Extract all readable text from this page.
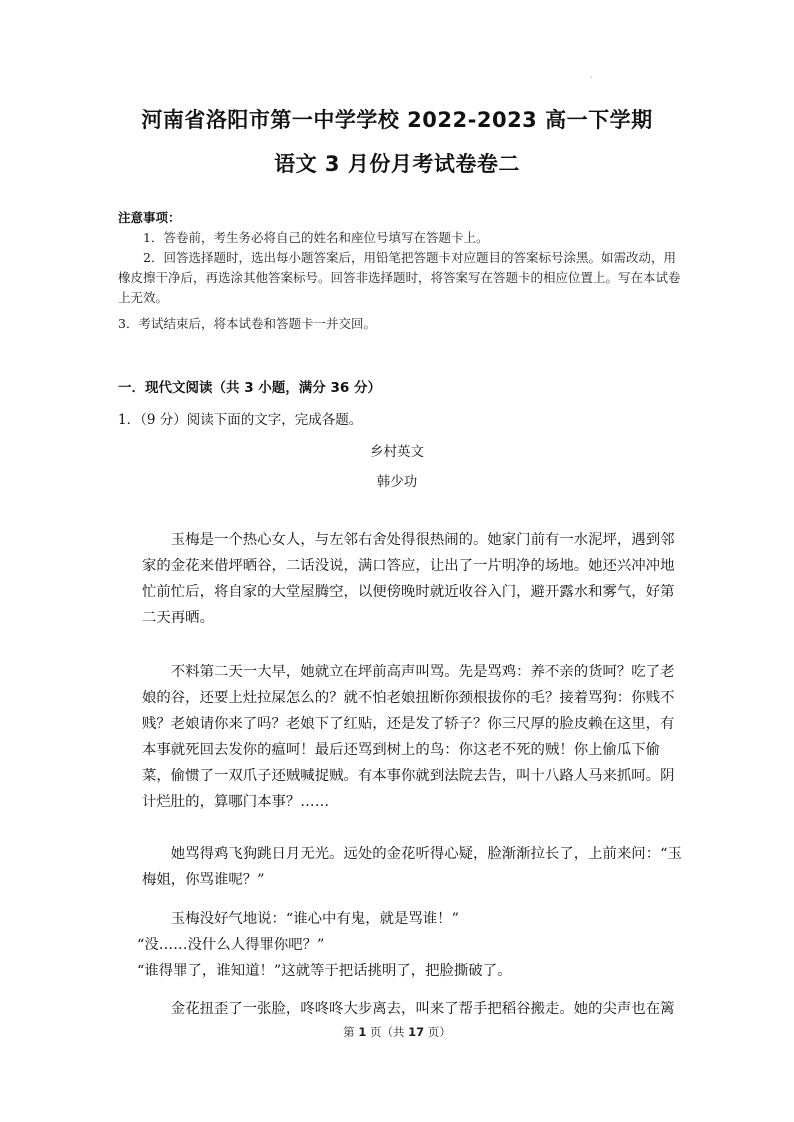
河南省洛阳市第一中学学校 2022-2023 高一下学期
语文 3 月份月考试卷卷二
注意事项：
1．答卷前，考生务必将自己的姓名和座位号填写在答题卡上。
2．回答选择题时，选出每小题答案后，用铅笔把答题卡对应题目的答案标号涂黑。如需改动，用橡皮擦干净后，再选涂其他答案标号。回答非选择题时，将答案写在答题卡的相应位置上。写在本试卷上无效。
3．考试结束后，将本试卷和答题卡一并交回。
一．现代文阅读（共 3 小题，满分 36 分）
1．（9 分）阅读下面的文字，完成各题。
乡村英文
韩少功

玉梅是一个热心女人，与左邻右舍处得很热闹的。她家门前有一水泥坪，遇到邻家的金花来借坪晒谷，二话没说，满口答应，让出了一片明净的场地。她还兴冲冲地忙前忙后，将自家的大堂屋腾空，以便傍晚时就近收谷入门，避开露水和雾气，好第二天再晒。

不料第二天一大早，她就立在坪前高声叫骂。先是骂鸡：养不亲的货呵？吃了老娘的谷，还要上灶拉屎怎么的？就不怕老娘扭断你颈根拔你的毛？接着骂狗：你贱不贱？老娘请你来了吗？老娘下了红贴，还是发了轿子？你三尺厚的脸皮赖在这里，有本事就死回去发你的瘟呵！最后还骂到树上的鸟：你这老不死的贼！你上偷瓜下偷菜，偷惯了一双爪子还贼喊捉贼。有本事你就到法院去告，叫十八路人马来抓呵。阴计烂肚的，算哪门本事？……

她骂得鸡飞狗跳日月无光。远处的金花听得心疑，脸渐渐拉长了，上前来问：“玉梅姐，你骂谁呢？”

玉梅没好气地说：“谁心中有鬼，就是骂谁！”

“没……没什么人得罪你吧？”

“谁得罪了，谁知道！”这就等于把话挑明了，把脸撕破了。

金花扭歪了一张脸，咚咚咚大步离去，叫来了帮手把稻谷搬走。她的尖声也在篱

第 1 页（共 17 页）
